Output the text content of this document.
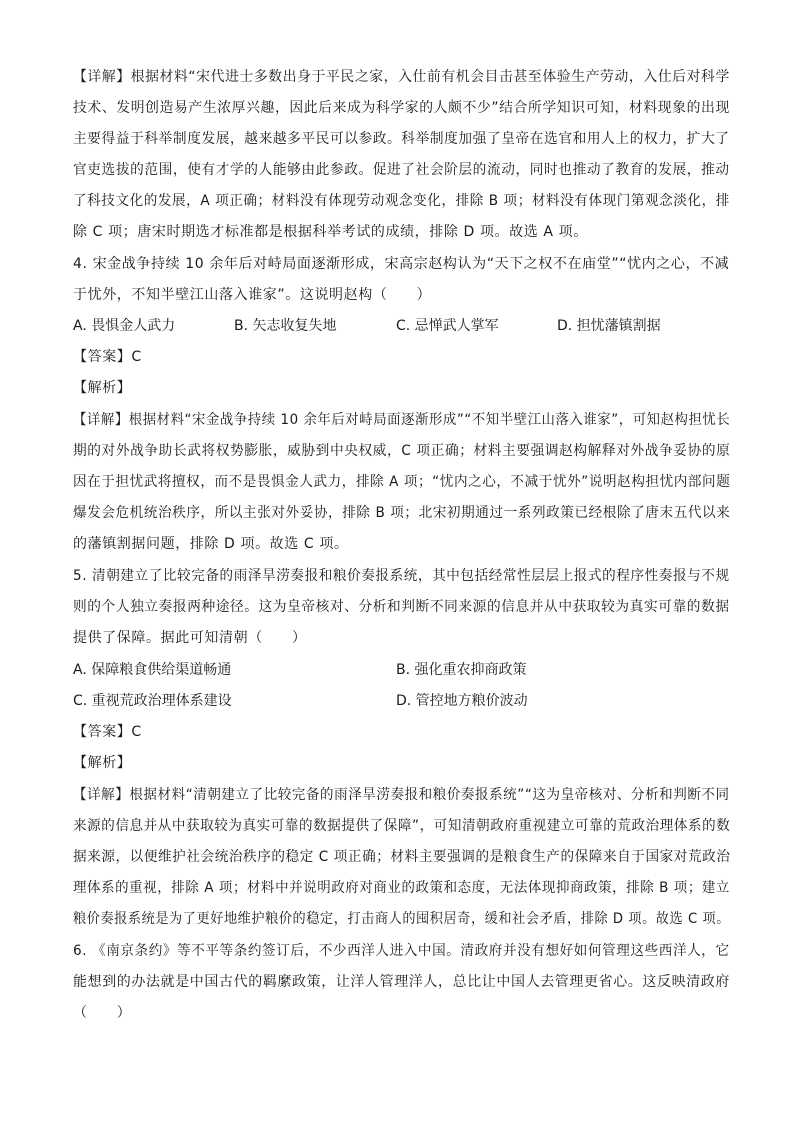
【详解】根据材料“宋代进士多数出身于平民之家，入仕前有机会目击甚至体验生产劳动，入仕后对科学
技术、发明创造易产生浓厚兴趣，因此后来成为科学家的人颇不少”结合所学知识可知，材料现象的出现
主要得益于科举制度发展，越来越多平民可以参政。科举制度加强了皇帝在选官和用人上的权力，扩大了
官吏选拔的范围，使有才学的人能够由此参政。促进了社会阶层的流动，同时也推动了教育的发展，推动
了科技文化的发展，A 项正确；材料没有体现劳动观念变化，排除 B 项；材料没有体现门第观念淡化，排
除 C 项；唐宋时期选才标准都是根据科举考试的成绩，排除 D 项。故选 A 项。
4. 宋金战争持续 10 余年后对峙局面逐渐形成，宋高宗赵构认为“天下之权不在庙堂”“忧内之心，不减
于忧外，不知半壁江山落入谁家”。这说明赵构（　　）
A. 畏惧金人武力	B. 矢志收复失地	C. 忌惮武人掌军	D. 担忧藩镇割据
【答案】C
【解析】
【详解】根据材料“宋金战争持续 10 余年后对峙局面逐渐形成”“不知半壁江山落入谁家”，可知赵构担忧长
期的对外战争助长武将权势膨胀，威胁到中央权威，C 项正确；材料主要强调赵构解释对外战争妥协的原
因在于担忧武将擅权，而不是畏惧金人武力，排除 A 项；“忧内之心，不减于忧外”说明赵构担忧内部问题
爆发会危机统治秩序，所以主张对外妥协，排除 B 项；北宋初期通过一系列政策已经根除了唐末五代以来
的藩镇割据问题，排除 D 项。故选 C 项。
5. 清朝建立了比较完备的雨泽旱涝奏报和粮价奏报系统，其中包括经常性层层上报式的程序性奏报与不规
则的个人独立奏报两种途径。这为皇帝核对、分析和判断不同来源的信息并从中获取较为真实可靠的数据
提供了保障。据此可知清朝（　　）
A. 保障粮食供给渠道畅通	B. 强化重农抑商政策
C. 重视荒政治理体系建设	D. 管控地方粮价波动
【答案】C
【解析】
【详解】根据材料“清朝建立了比较完备的雨泽旱涝奏报和粮价奏报系统”“这为皇帝核对、分析和判断不同
来源的信息并从中获取较为真实可靠的数据提供了保障”，可知清朝政府重视建立可靠的荒政治理体系的数
据来源，以便维护社会统治秩序的稳定 C 项正确；材料主要强调的是粮食生产的保障来自于国家对荒政治
理体系的重视，排除 A 项；材料中并说明政府对商业的政策和态度，无法体现抑商政策，排除 B 项；建立
粮价奏报系统是为了更好地维护粮价的稳定，打击商人的囤积居奇，缓和社会矛盾，排除 D 项。故选 C 项。
6. 《南京条约》等不平等条约签订后，不少西洋人进入中国。清政府并没有想好如何管理这些西洋人，它
能想到的办法就是中国古代的羁縻政策，让洋人管理洋人，总比让中国人去管理更省心。这反映清政府
（　　）
